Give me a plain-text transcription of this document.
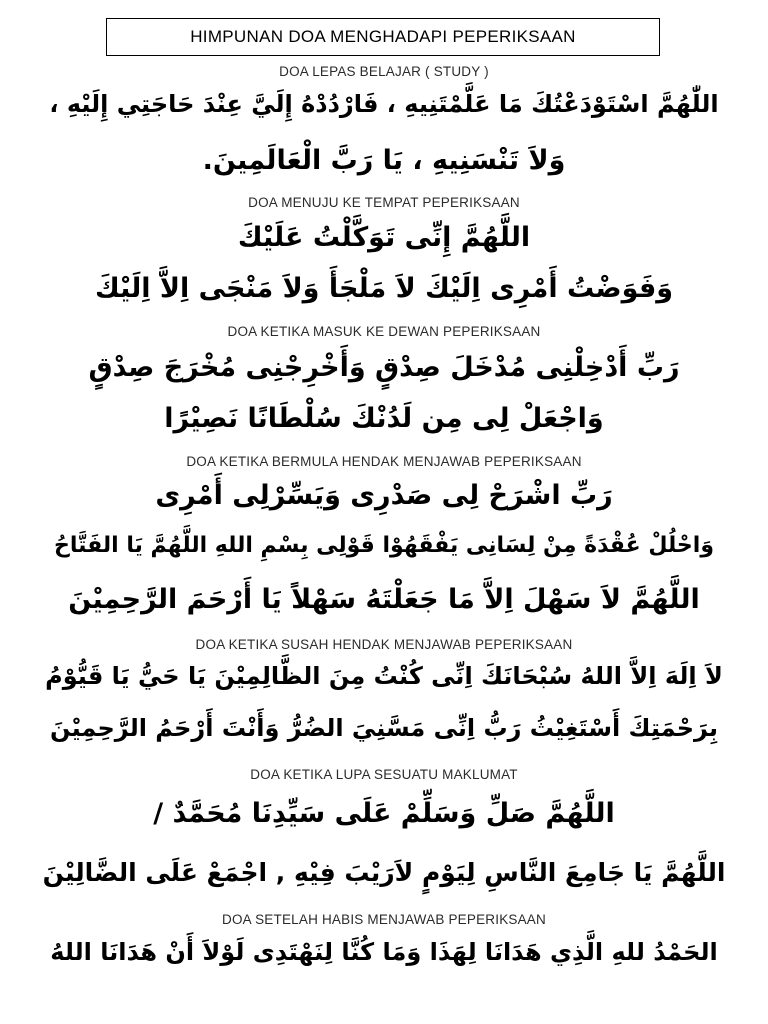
HIMPUNAN DOA MENGHADAPI PEPERIKSAAN
DOA LEPAS BELAJAR ( STUDY )
اللّٰهُمَّ اسْتَوْدَعْتُكَ مَا عَلَّمْتَنِيهِ ، فَارْدُدْهُ إِلَيَّ عِنْدَ حَاجَتِي إِلَيْهِ ،
وَلاَ تَنْسَنِيهِ ، يَا رَبَّ الْعَالَمِينَ.
DOA MENUJU KE TEMPAT PEPERIKSAAN
اللَّهُمَّ إِنِّى تَوَكَّلْتُ عَلَيْكَ
وَفَوَضْتُ أَمْرِى اِلَيْكَ لاَ مَلْجَأَ وَلاَ مَنْجَى اِلاَّ اِلَيْكَ
DOA KETIKA MASUK KE DEWAN PEPERIKSAAN
رَبِّ أَدْخِلْنِى مُدْخَلَ صِدْقٍ وَأَخْرِجْنِى مُخْرَجَ صِدْقٍ
وَاجْعَلْ لِى مِن لَدُنْكَ سُلْطَانًا نَصِيْرًا
DOA KETIKA BERMULA HENDAK MENJAWAB PEPERIKSAAN
رَبِّ اشْرَحْ لِى صَدْرِى وَيَسِّرْلِى أَمْرِى
وَاحْلُلْ عُقْدَةً مِنْ لِسَانِى يَفْقَهُوْا قَوْلِى بِسْمِ اللهِ اللَّهُمَّ يَا الفَتَّاحُ
اللَّهُمَّ لاَ سَهْلَ اِلاَّ مَا جَعَلْتَهُ سَهْلاً يَا أَرْحَمَ الرَّحِمِيْنَ
DOA KETIKA SUSAH HENDAK MENJAWAB PEPERIKSAAN
لاَ اِلَهَ اِلاَّ اللهُ سُبْحَانَكَ اِنِّى كُنْتُ مِنَ الظَّالِمِيْنَ يَا حَيُّ يَا قَيُّوْمُ
بِرَحْمَتِكَ أَسْتَغِيْثُ رَبُّ اِنِّى مَسَّنِيَ الضُرُّ وَأَنْتَ أَرْحَمُ الرَّحِمِيْنَ
DOA KETIKA LUPA SESUATU MAKLUMAT
اللَّهُمَّ صَلِّ وَسَلِّمْ عَلَى سَيِّدِنَا مُحَمَّدٌ /
اللَّهُمَّ يَا جَامِعَ النَّاسِ لِيَوْمٍ لاَرَيْبَ فِيْهِ , اجْمَعْ عَلَى الضَّالِيْنَ
DOA SETELAH HABIS MENJAWAB PEPERIKSAAN
الحَمْدُ للهِ الَّذِي هَدَانَا لِهَذَا وَمَا كُنَّا لِنَهْتَدِى لَوْلاَ أَنْ هَدَانَا اللهُ
